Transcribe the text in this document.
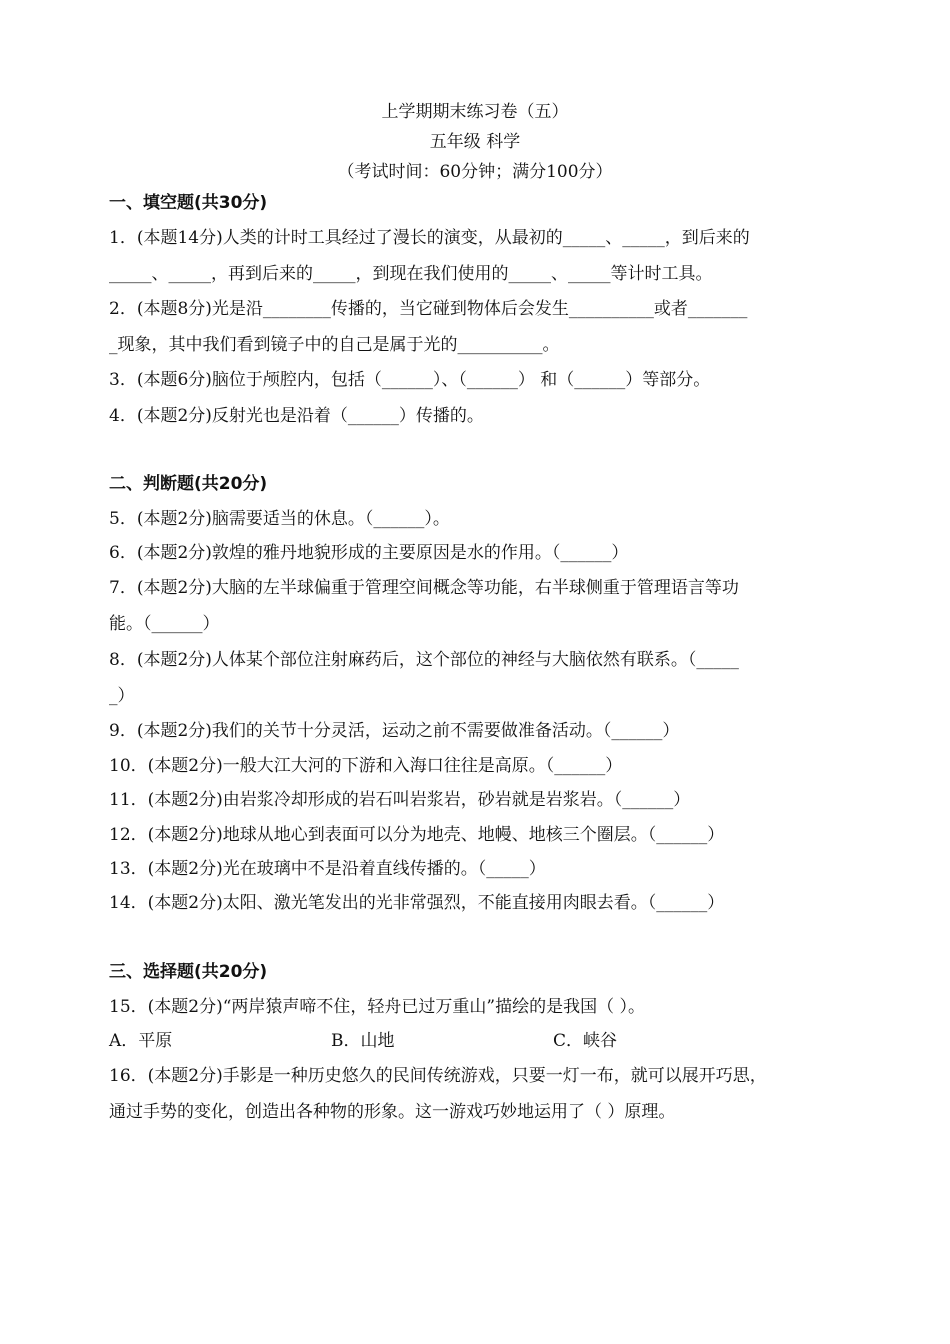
上学期期末练习卷（五）
五年级 科学
（考试时间：60分钟；满分100分）
一、填空题(共30分)
1．(本题14分)人类的计时工具经过了漫长的演变，从最初的_____、_____，到后来的
_____、_____，再到后来的_____，到现在我们使用的_____、_____等计时工具。
2．(本题8分)光是沿________传播的，当它碰到物体后会发生__________或者_______
_现象，其中我们看到镜子中的自己是属于光的__________。
3．(本题6分)脑位于颅腔内，包括（______）、（______） 和（______）等部分。
4．(本题2分)反射光也是沿着（______）传播的。
二、判断题(共20分)
5．(本题2分)脑需要适当的休息。（______）。
6．(本题2分)敦煌的雅丹地貌形成的主要原因是水的作用。（______）
7．(本题2分)大脑的左半球偏重于管理空间概念等功能，右半球侧重于管理语言等功
能。（______）
8．(本题2分)人体某个部位注射麻药后，这个部位的神经与大脑依然有联系。（_____
_）
9．(本题2分)我们的关节十分灵活，运动之前不需要做准备活动。（______）
10．(本题2分)一般大江大河的下游和入海口往往是高原。（______）
11．(本题2分)由岩浆冷却形成的岩石叫岩浆岩，砂岩就是岩浆岩。（______）
12．(本题2分)地球从地心到表面可以分为地壳、地幔、地核三个圈层。（______）
13．(本题2分)光在玻璃中不是沿着直线传播的。（_____）
14．(本题2分)太阳、激光笔发出的光非常强烈，不能直接用肉眼去看。（______）
三、选择题(共20分)
15．(本题2分)“两岸猿声啼不住，轻舟已过万重山”描绘的是我国（ ）。
A．平原	B．山地	C．峡谷
16．(本题2分)手影是一种历史悠久的民间传统游戏，只要一灯一布，就可以展开巧思，
通过手势的变化，创造出各种物的形象。这一游戏巧妙地运用了（ ）原理。
